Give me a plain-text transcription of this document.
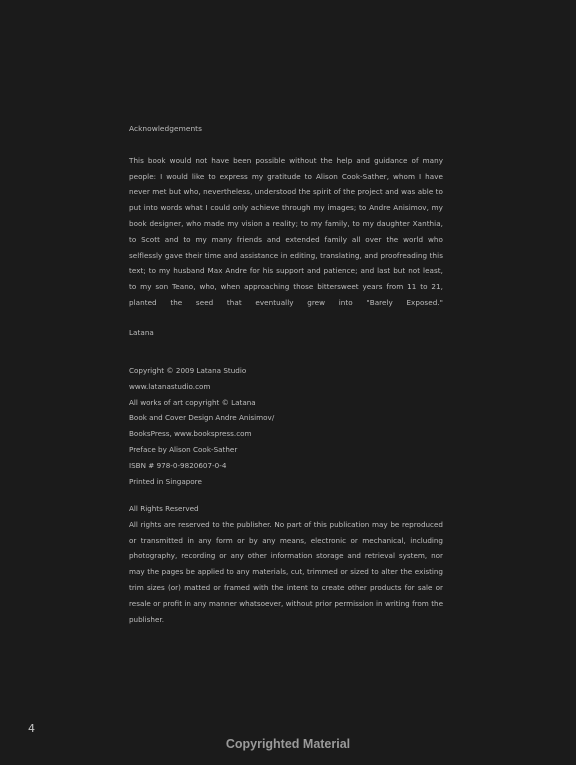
Acknowledgements

This book would not have been possible without the help and guidance of many people: I would like to express my gratitude to Alison Cook-Sather, whom I have never met but who, nevertheless, understood the spirit of the project and was able to put into words what I could only achieve through my images; to Andre Anisimov, my book designer, who made my vision a reality; to my family, to my daughter Xanthia, to Scott and to my many friends and extended family all over the world who selflessly gave their time and assistance in editing, translating, and proofreading this text; to my husband Max Andre for his support and patience; and last but not least, to my son Teano, who, when approaching those bittersweet years from 11 to 21, planted the seed that eventually grew into "Barely Exposed."

Latana
Copyright © 2009 Latana Studio
www.latanastudio.com
All works of art copyright © Latana
Book and Cover Design Andre Anisimov/
BooksPress, www.bookspress.com
Preface by Alison Cook-Sather
ISBN # 978-0-9820607-0-4
Printed in Singapore
All Rights Reserved

All rights are reserved to the publisher. No part of this publication may be reproduced or transmitted in any form or by any means, electronic or mechanical, including photography, recording or any other information storage and retrieval system, nor may the pages be applied to any materials, cut, trimmed or sized to alter the existing trim sizes (or) matted or framed with the intent to create other products for sale or resale or profit in any manner whatsoever, without prior permission in writing from the publisher.

4
Copyrighted Material
